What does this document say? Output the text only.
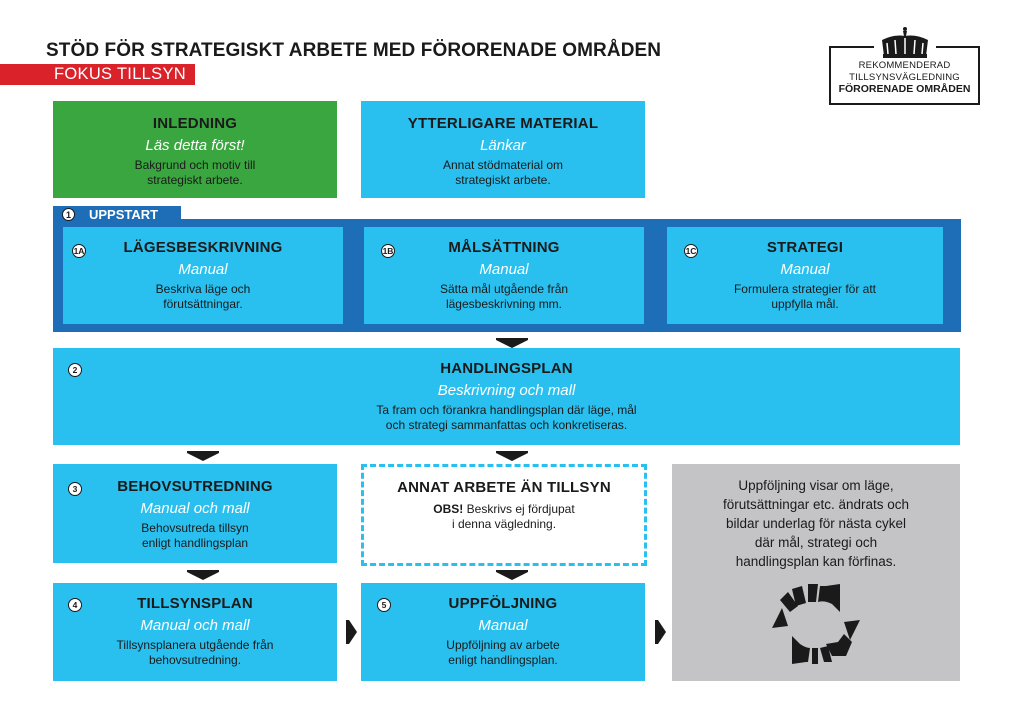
STÖD FÖR STRATEGISKT ARBETE MED FÖRORENADE OMRÅDEN
FOKUS TILLSYN	REKOMMENDERAD
TILLSYNSVÄGLEDNING
FÖRORENADE OMRÅDEN
INLEDNING
Läs detta först!
Bakgrund och motiv till strategiskt arbete.
YTTERLIGARE MATERIAL
Länkar
Annat stödmaterial om strategiskt arbete.
1	UPPSTART
1A	LÄGESBESKRIVNING
Manual
Beskriva läge och förutsättningar.
1B	MÅLSÄTTNING
Manual
Sätta mål utgående från lägesbeskrivning mm.
1C	STRATEGI
Manual
Formulera strategier för att uppfylla mål.
2	HANDLINGSPLAN
Beskrivning och mall
Ta fram och förankra handlingsplan där läge, mål
och strategi sammanfattas och konkretiseras.
3	BEHOVSUTREDNING
Manual och mall
Behovsutreda tillsyn enligt handlingsplan
ANNAT ARBETE ÄN TILLSYN
OBS! Beskrivs ej fördjupat
i denna vägledning.
Uppföljning visar om läge, förutsättningar etc. ändrats och bildar underlag för nästa cykel där mål, strategi och handlingsplan kan förfinas.
4	TILLSYNSPLAN
Manual och mall
Tillsynsplanera utgående från behovsutredning.
5	UPPFÖLJNING
Manual
Uppföljning av arbete enligt handlingsplan.
